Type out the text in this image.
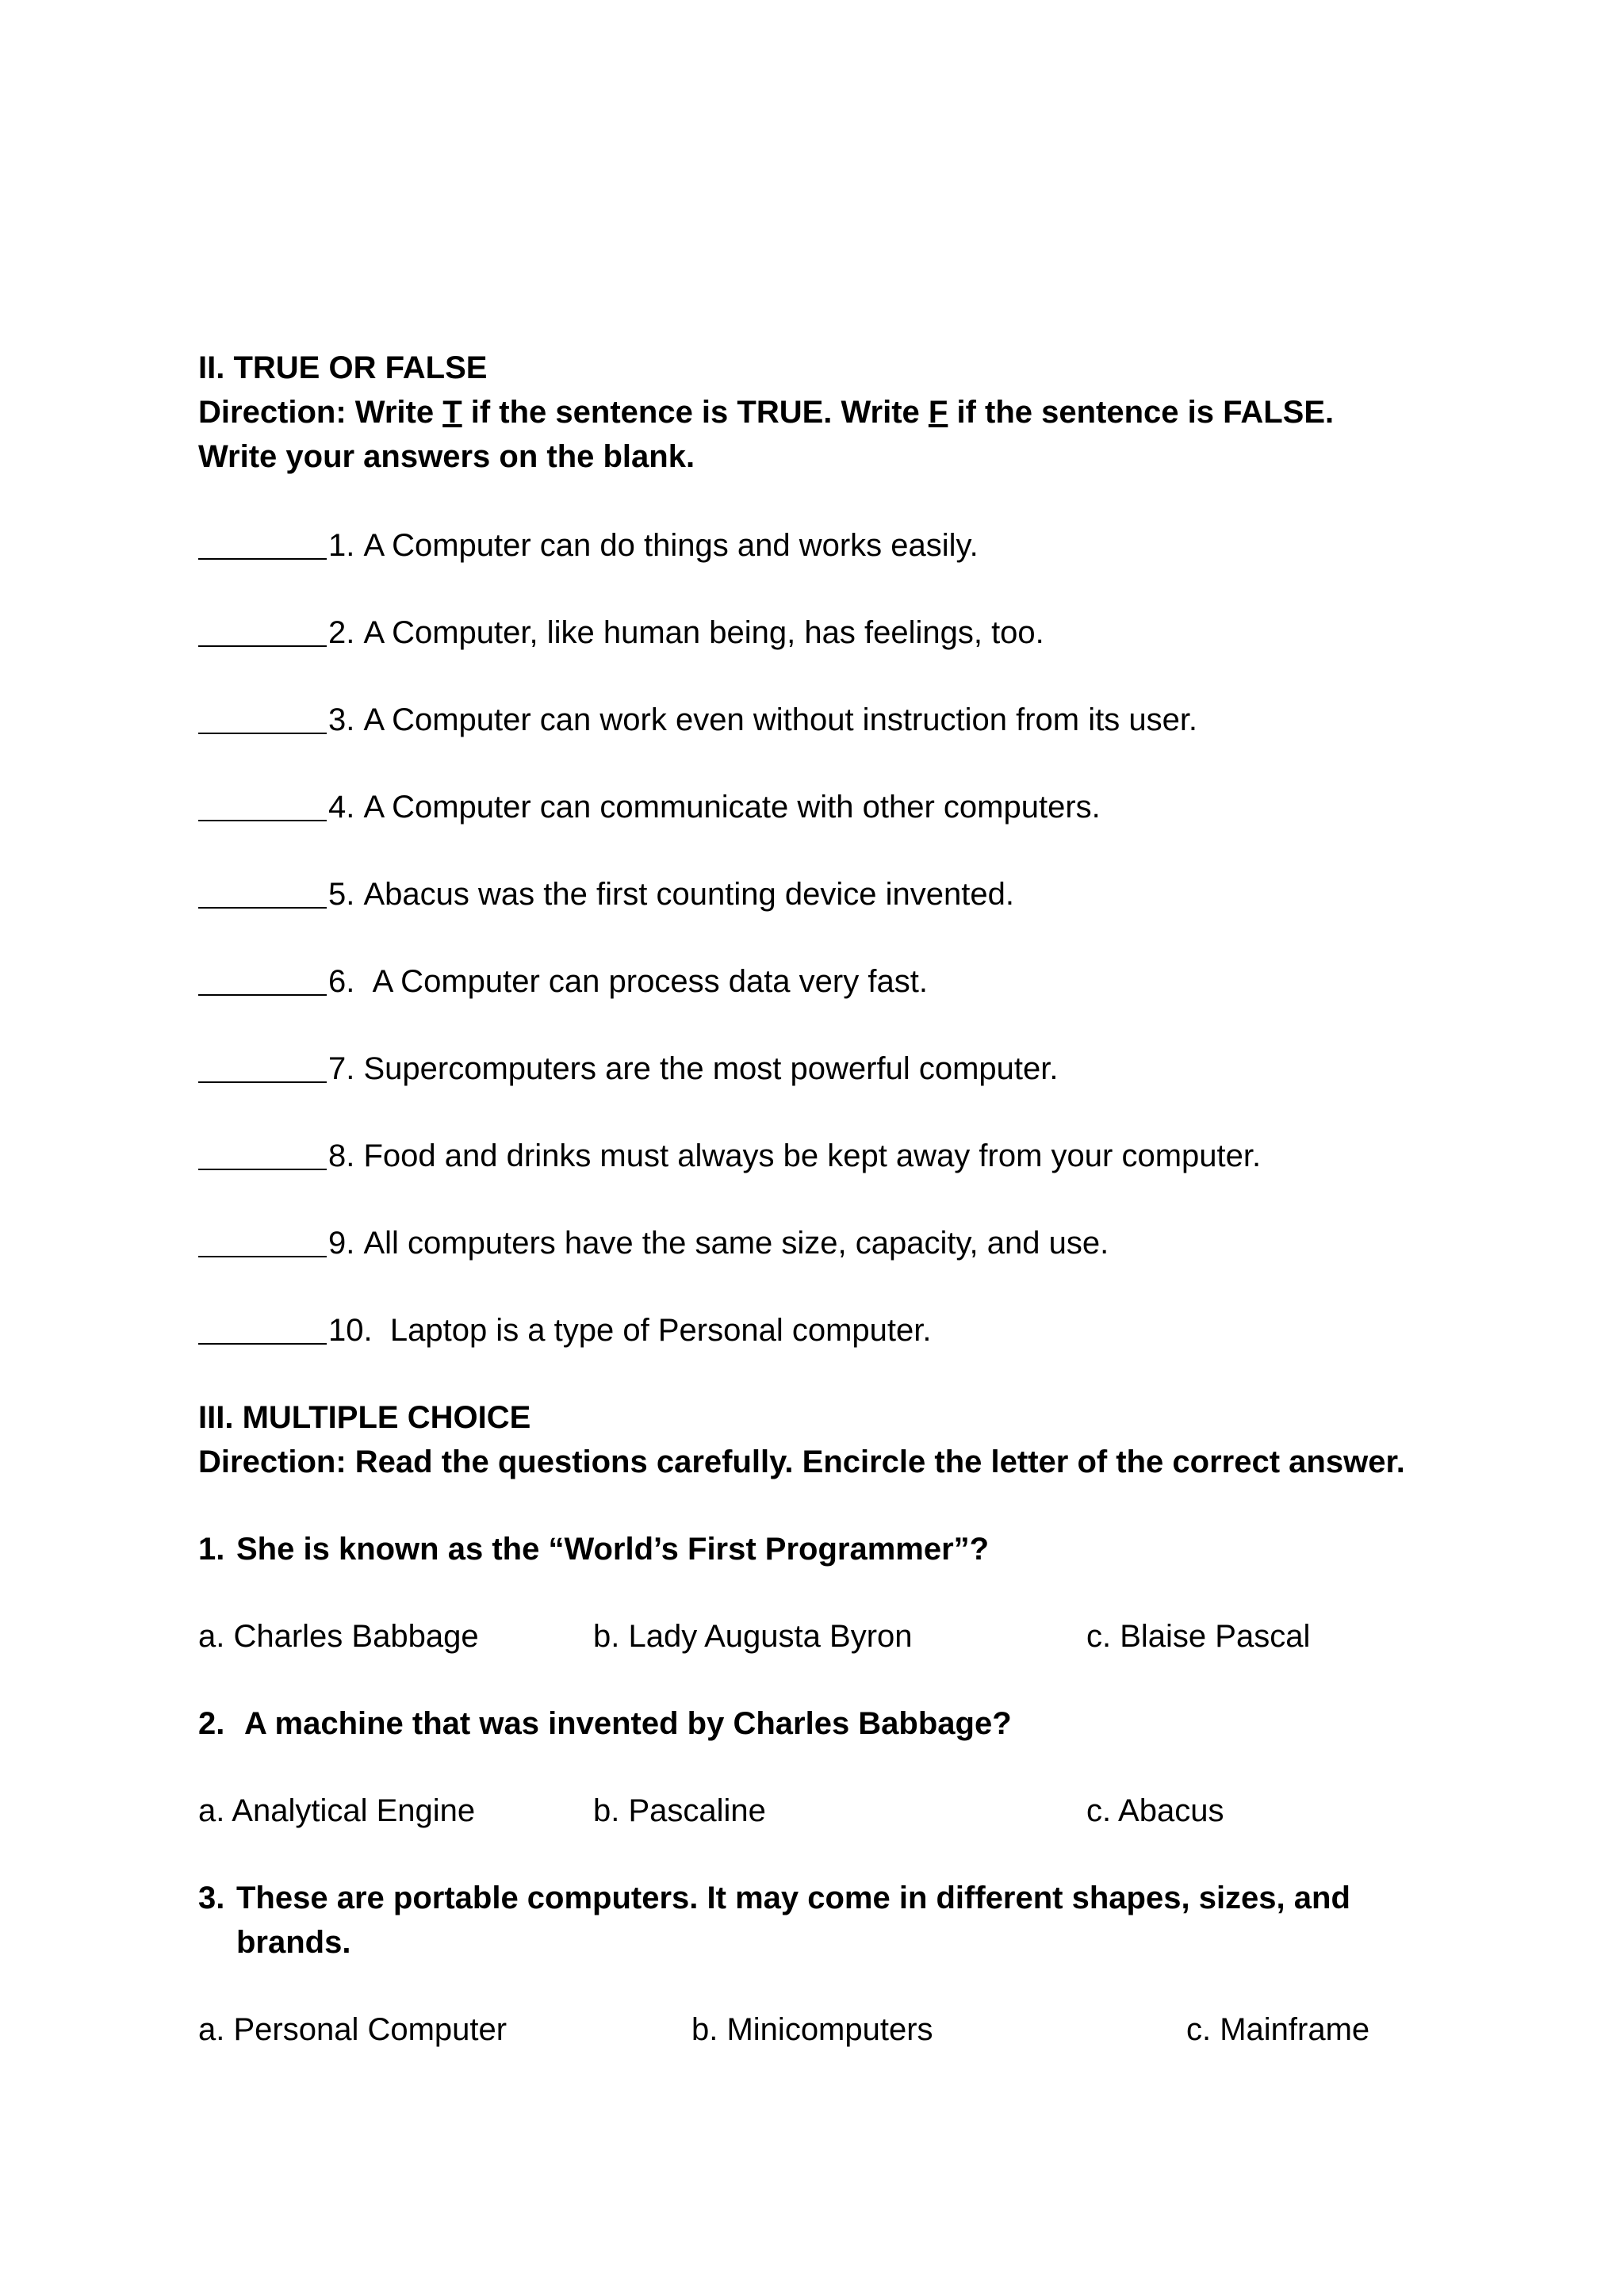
II. TRUE OR FALSE

Direction: Write T if the sentence is TRUE. Write F if the sentence is FALSE.

Write your answers on the blank.

1.
A Computer can do things and works easily.
2.
A Computer, like human being, has feelings, too.
3.
A Computer can work even without instruction from its user.
4.
A Computer can communicate with other computers.
5.
Abacus was the first counting device invented.
6.
A Computer can process data very fast.
7.
Supercomputers are the most powerful computer.
8.
Food and drinks must always be kept away from your computer.
9.
All computers have the same size, capacity, and use.
10.
Laptop is a type of Personal computer.

III. MULTIPLE CHOICE

Direction: Read the questions carefully. Encircle the letter of the correct answer.

1. She is known as the “World’s First Programmer”?
a. Charles Babbage	b. Lady Augusta Byron	c. Blaise Pascal
2. A machine that was invented by Charles Babbage?
a. Analytical Engine	b. Pascaline	c. Abacus
3. These are portable computers. It may come in different shapes, sizes, and brands.
a. Personal Computer	b. Minicomputers	c. Mainframe
